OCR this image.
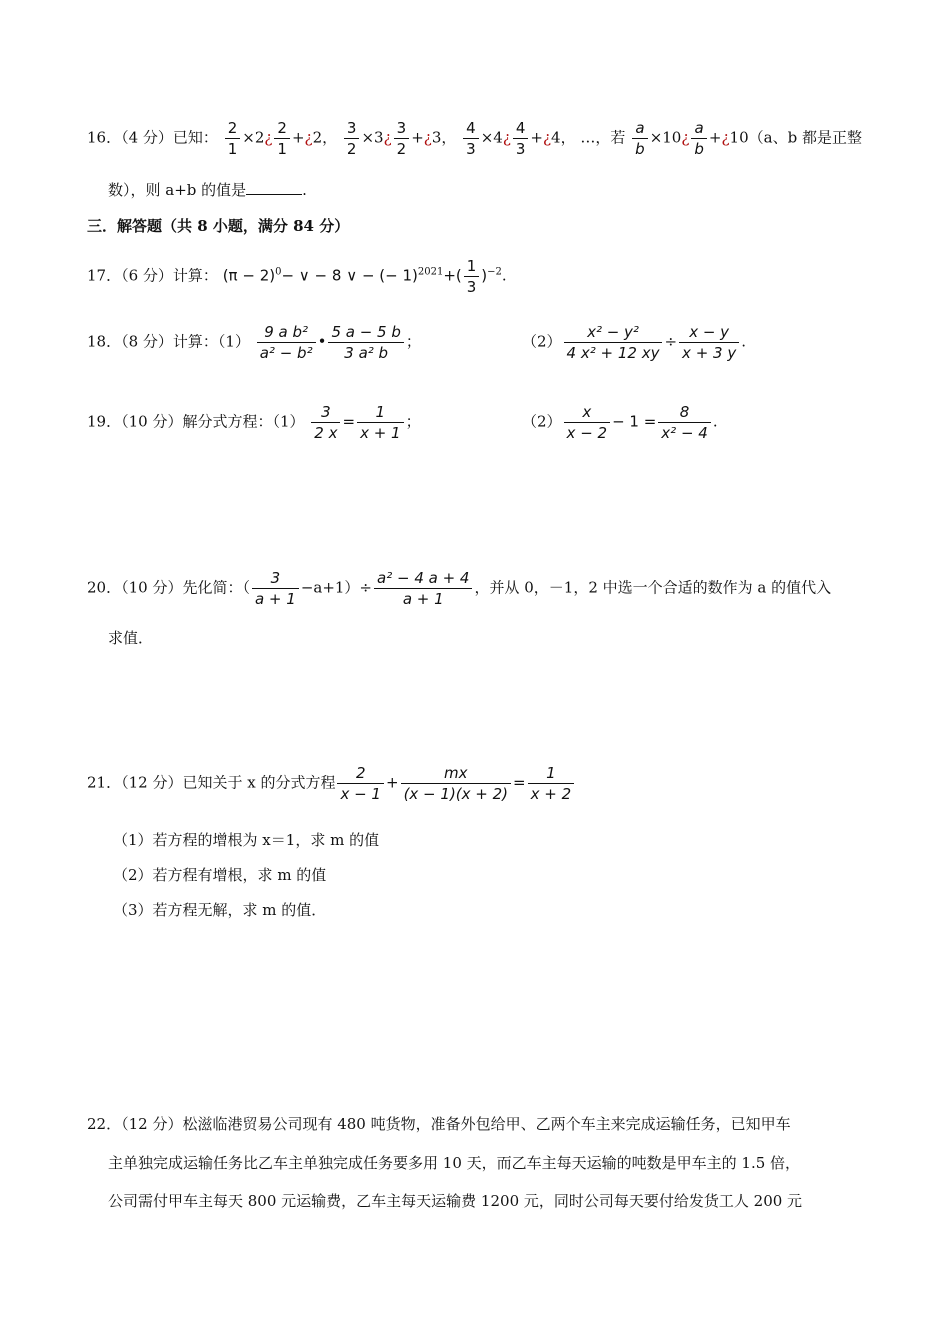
16．（4 分）已知： $\frac{2}{1}$ ×2¿ $\frac{2}{1}$ +¿2， $\frac{3}{2}$ ×3¿ $\frac{3}{2}$ +¿3， $\frac{4}{3}$ ×4¿ $\frac{4}{3}$ +¿4， …，若 $\frac{a}{b}$ ×10¿ $\frac{a}{b}$ +¿10（a、b 都是正整
数），则 a+b 的值是	.
三．解答题（共 8 小题，满分 84 分）
17．（6 分）计算： $(\pi - 2)^0-$ ∨ − 8 ∨ − (− $1)^{2021}+( \frac{1}{3} )^{-2}$.
18．（8 分）计算：$(1) \frac{\text{9 a b²}}{\text{a² − b²}}$ • $\frac{5 a - 5 b}{\text{3 a² b}}$ ；	$(2) \frac{\text{x² − y²}}{\text{4 x² + 12 xy}} \div \frac{x - y}{x + 3 y}$ .
19．（10 分）解分式方程：$(1) \frac{3}{2 x} = \frac{1}{x + 1}$ ；	$(2) \frac{x}{x - 2} - 1 = \frac{8}{\text{x² − 4}}$ .
20．（10 分）先化简：（ $\frac{3}{a + 1} -a+1)\div \frac{\text{a² − 4 a + 4}}{a + 1}$ ，并从 0，－1，2 中选一个合适的数作为 a 的值代入
求值．
21．（12 分）已知关于 x 的分式方程 $\frac{2}{x - 1} + \frac{mx}{(x - 1)(x + 2)} = \frac{1}{x + 2}$
（1）若方程的增根为 x＝1，求 m 的值
（2）若方程有增根，求 m 的值
（3）若方程无解，求 m 的值．
22．（12 分）松滋临港贸易公司现有 480 吨货物，准备外包给甲、乙两个车主来完成运输任务，已知甲车
主单独完成运输任务比乙车主单独完成任务要多用 10 天，而乙车主每天运输的吨数是甲车主的 1.5 倍，
公司需付甲车主每天 800 元运输费，乙车主每天运输费 1200 元，同时公司每天要付给发货工人 200 元
